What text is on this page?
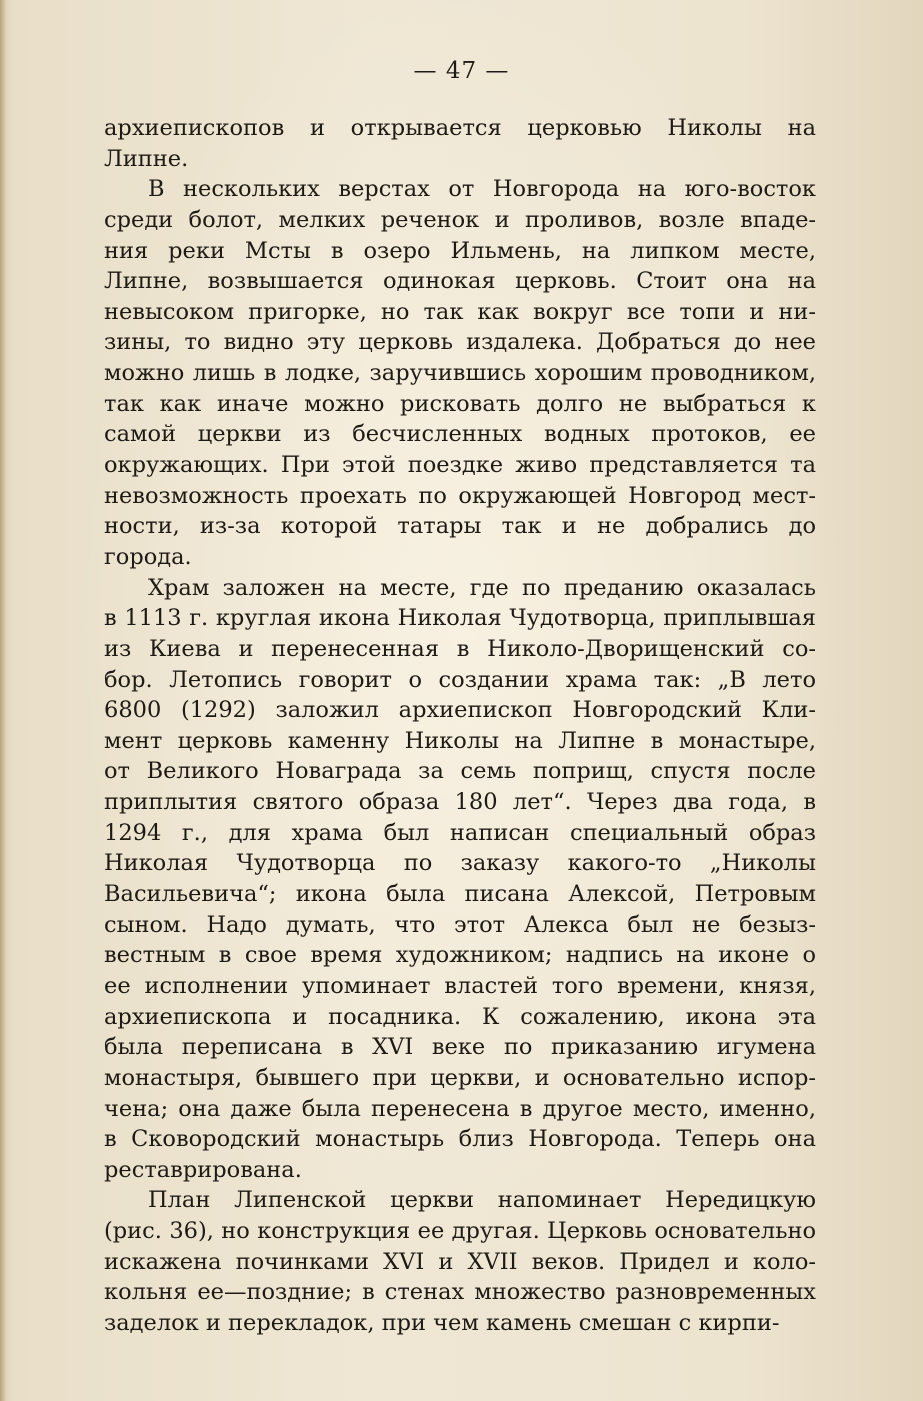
— 47 —
архиепископов и открывается церковью Николы на
Липне.
В нескольких верстах от Новгорода на юго-восток
среди болот, мелких реченок и проливов, возле впаде-
ния реки Мсты в озеро Ильмень, на липком месте,
Липне, возвышается одинокая церковь. Стоит она на
невысоком пригорке, но так как вокруг все топи и ни-
зины, то видно эту церковь издалека. Добраться до нее
можно лишь в лодке, заручившись хорошим проводником,
так как иначе можно рисковать долго не выбраться к
самой церкви из бесчисленных водных протоков, ее
окружающих. При этой поездке живо представляется та
невозможность проехать по окружающей Новгород мест-
ности, из-за которой татары так и не добрались до
города.
Храм заложен на месте, где по преданию оказалась
в 1113 г. круглая икона Николая Чудотворца, приплывшая
из Киева и перенесенная в Николо-Дворищенский со-
бор. Летопись говорит о создании храма так: „В лето
6800 (1292) заложил архиепископ Новгородский Кли-
мент церковь каменну Николы на Липне в монастыре,
от Великого Новаграда за семь поприщ, спустя после
приплытия святого образа 180 лет“. Через два года, в
1294 г., для храма был написан специальный образ
Николая Чудотворца по заказу какого-то „Николы
Васильевича“; икона была писана Алексой, Петровым
сыном. Надо думать, что этот Алекса был не безыз-
вестным в свое время художником; надпись на иконе о
ее исполнении упоминает властей того времени, князя,
архиепископа и посадника. К сожалению, икона эта
была переписана в XVI веке по приказанию игумена
монастыря, бывшего при церкви, и основательно испор-
чена; она даже была перенесена в другое место, именно,
в Сковородский монастырь близ Новгорода. Теперь она
реставрирована.
План Липенской церкви напоминает Нередицкую
(рис. 36), но конструкция ее другая. Церковь основательно
искажена починками XVI и XVII веков. Придел и коло-
кольня ее—поздние; в стенах множество разновременных
заделок и перекладок, при чем камень смешан с кирпи-
